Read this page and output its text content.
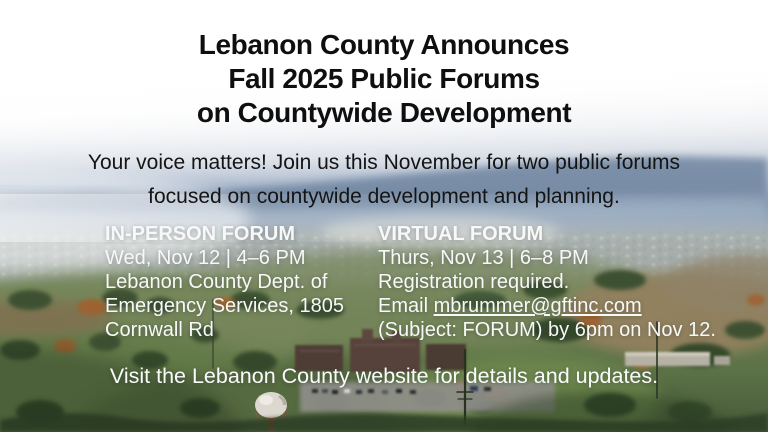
Lebanon County Announces
Fall 2025 Public Forums
on Countywide Development
Your voice matters! Join us this November for two public forums
focused on countywide development and planning.
IN-PERSON FORUM
Wed, Nov 12 | 4–6 PM
Lebanon County Dept. of
Emergency Services, 1805
Cornwall Rd
VIRTUAL FORUM
Thurs, Nov 13 | 6–8 PM
Registration required.
Email mbrummer@gftinc.com
(Subject: FORUM) by 6pm on Nov 12.
Visit the Lebanon County website for details and updates.
